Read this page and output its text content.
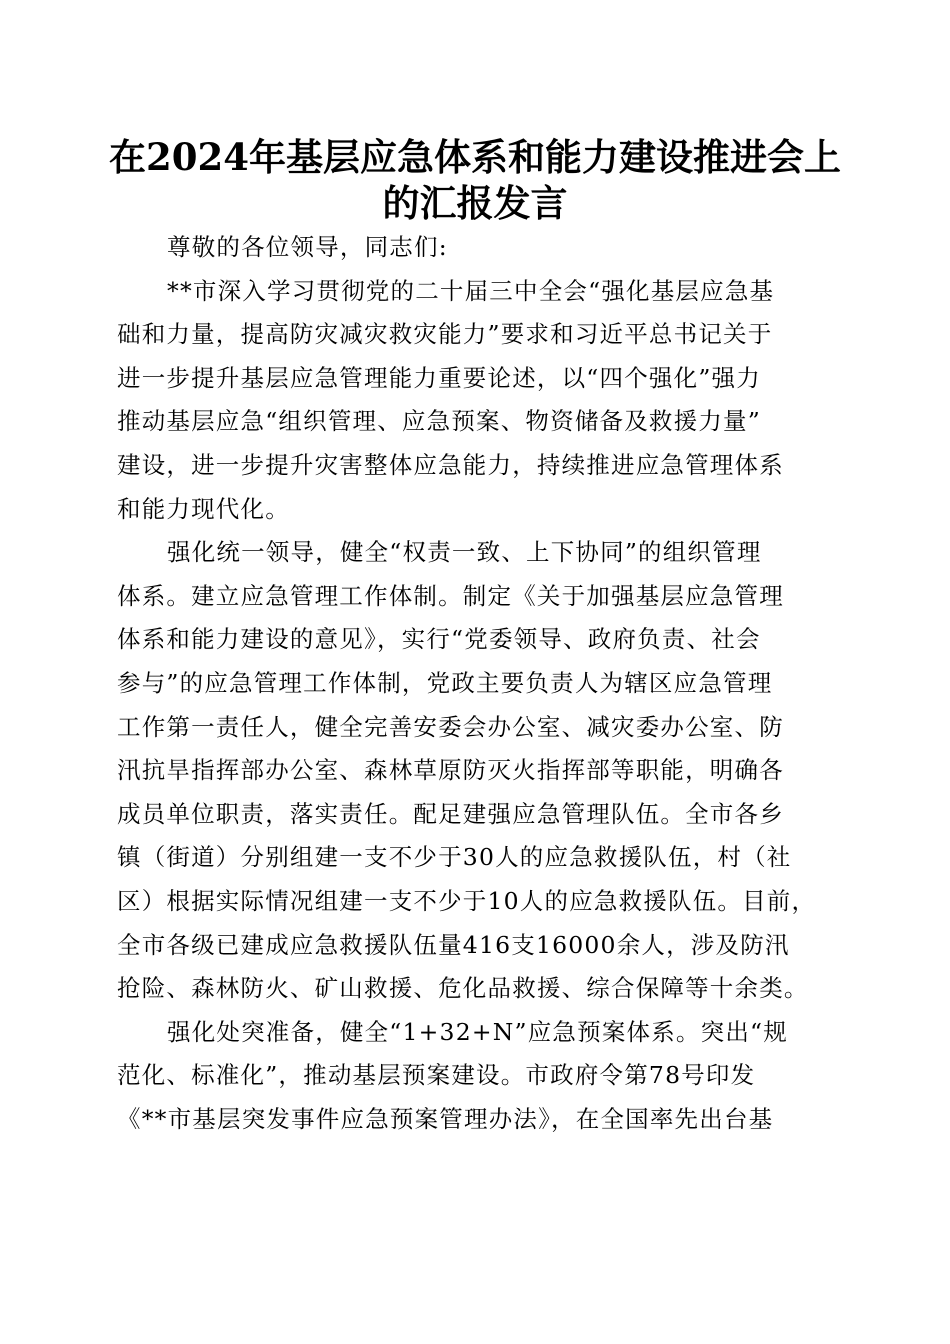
在2024年基层应急体系和能力建设推进会上
的汇报发言
尊敬的各位领导，同志们:
**市深入学习贯彻党的二十届三中全会“强化基层应急基
础和力量，提高防灾减灾救灾能力”要求和习近平总书记关于
进一步提升基层应急管理能力重要论述，以“四个强化”强力
推动基层应急“组织管理、应急预案、物资储备及救援力量”
建设，进一步提升灾害整体应急能力，持续推进应急管理体系
和能力现代化。
强化统一领导，健全“权责一致、上下协同”的组织管理
体系。建立应急管理工作体制。制定《关于加强基层应急管理
体系和能力建设的意见》，实行“党委领导、政府负责、社会
参与”的应急管理工作体制，党政主要负责人为辖区应急管理
工作第一责任人，健全完善安委会办公室、减灾委办公室、防
汛抗旱指挥部办公室、森林草原防灭火指挥部等职能，明确各
成员单位职责，落实责任。配足建强应急管理队伍。全市各乡
镇（街道）分别组建一支不少于30人的应急救援队伍，村（社
区）根据实际情况组建一支不少于10人的应急救援队伍。目前，
全市各级已建成应急救援队伍量416支16000余人，涉及防汛
抢险、森林防火、矿山救援、危化品救援、综合保障等十余类。
强化处突准备，健全“1+32+N”应急预案体系。突出“规
范化、标准化”，推动基层预案建设。市政府令第78号印发
《**市基层突发事件应急预案管理办法》，在全国率先出台基
